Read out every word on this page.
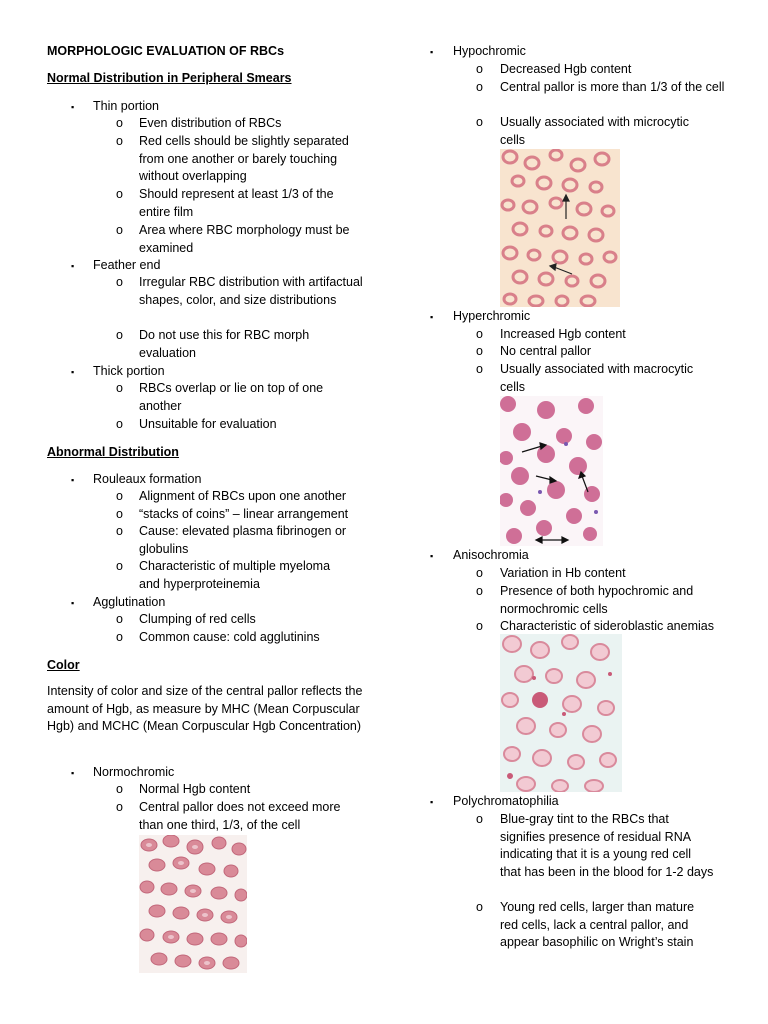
MORPHOLOGIC EVALUATION OF RBCs
Normal Distribution in Peripheral Smears
▪ Thin portion
o Even distribution of RBCs
o Red cells should be slightly separated from one another or barely touching without overlapping
o Should represent at least 1/3 of the entire film
o Area where RBC morphology must be examined
▪ Feather end
o Irregular RBC distribution with artifactual shapes, color, and size distributions
o Do not use this for RBC morph evaluation
▪ Thick portion
o RBCs overlap or lie on top of one another
o Unsuitable for evaluation
Abnormal Distribution
▪ Rouleaux formation
o Alignment of RBCs upon one another
o “stacks of coins” – linear arrangement
o Cause: elevated plasma fibrinogen or globulins
o Characteristic of multiple myeloma and hyperproteinemia
▪ Agglutination
o Clumping of red cells
o Common cause: cold agglutinins
Color
Intensity of color and size of the central pallor reflects the amount of Hgb, as measure by MHC (Mean Corpuscular Hgb) and MCHC (Mean Corpuscular Hgb Concentration)
▪ Normochromic
o Normal Hgb content
o Central pallor does not exceed more than one third, 1/3, of the cell
▪ Hypochromic
o Decreased Hgb content
o Central pallor is more than 1/3 of the cell
o Usually associated with microcytic cells
▪ Hyperchromic
o Increased Hgb content
o No central pallor
o Usually associated with macrocytic cells
▪ Anisochromia
o Variation in Hb content
o Presence of both hypochromic and normochromic cells
o Characteristic of sideroblastic anemias
▪ Polychromatophilia
o Blue-gray tint to the RBCs that signifies presence of residual RNA indicating that it is a young red cell that has been in the blood for 1-2 days
o Young red cells, larger than mature red cells, lack a central pallor, and appear basophilic on Wright’s stain
